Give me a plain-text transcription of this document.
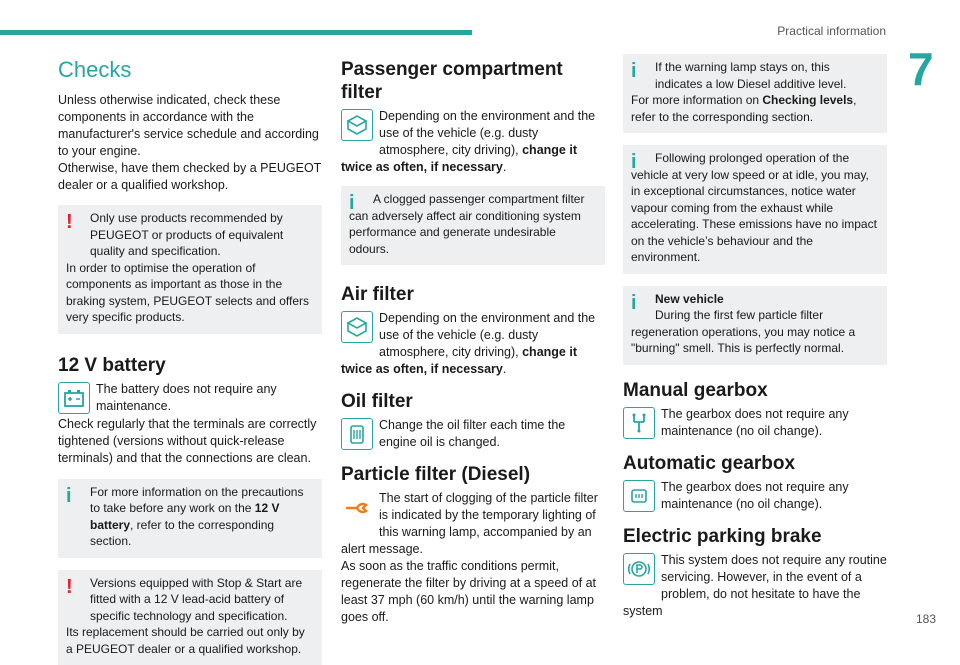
Practical information
7
183
Checks

Unless otherwise indicated, check these components in accordance with the manufacturer's service schedule and according to your engine.

Otherwise, have them checked by a PEUGEOT dealer or a qualified workshop.

! Only use products recommended by PEUGEOT or products of equivalent quality and specification.

In order to optimise the operation of components as important as those in the braking system, PEUGEOT selects and offers very specific products.

12 V battery

The battery does not require any maintenance.

Check regularly that the terminals are correctly tightened (versions without quick-release terminals) and that the connections are clean.

i For more information on the precautions to take before any work on the 12 V battery, refer to the corresponding section.

! Versions equipped with Stop & Start are fitted with a 12 V lead-acid battery of specific technology and specification.

Its replacement should be carried out only by a PEUGEOT dealer or a qualified workshop.

Passenger compartment filter

Depending on the environment and the use of the vehicle (e.g. dusty atmosphere, city driving), change it twice as often, if necessary.

i	A clogged passenger compartment filter can adversely affect air conditioning system performance and generate undesirable odours.

Air filter

Depending on the environment and the use of the vehicle (e.g. dusty atmosphere, city driving), change it twice as often, if necessary.

Oil filter

Change the oil filter each time the engine oil is changed.

Particle filter (Diesel)

The start of clogging of the particle filter is indicated by the temporary lighting of this warning lamp, accompanied by an alert message.

As soon as the traffic conditions permit, regenerate the filter by driving at a speed of at least 37 mph (60 km/h) until the warning lamp goes off.

i If the warning lamp stays on, this indicates a low Diesel additive level.

For more information on Checking levels, refer to the corresponding section.

i	Following prolonged operation of the vehicle at very low speed or at idle, you may, in exceptional circumstances, notice water vapour coming from the exhaust while accelerating. These emissions have no impact on the vehicle’s behaviour and the environment.

i New vehicle

During the first few particle filter regeneration operations, you may notice a "burning" smell. This is perfectly normal.

Manual gearbox

The gearbox does not require any maintenance (no oil change).

Automatic gearbox

The gearbox does not require any maintenance (no oil change).

Electric parking brake

This system does not require any routine servicing. However, in the event of a problem, do not hesitate to have the system
